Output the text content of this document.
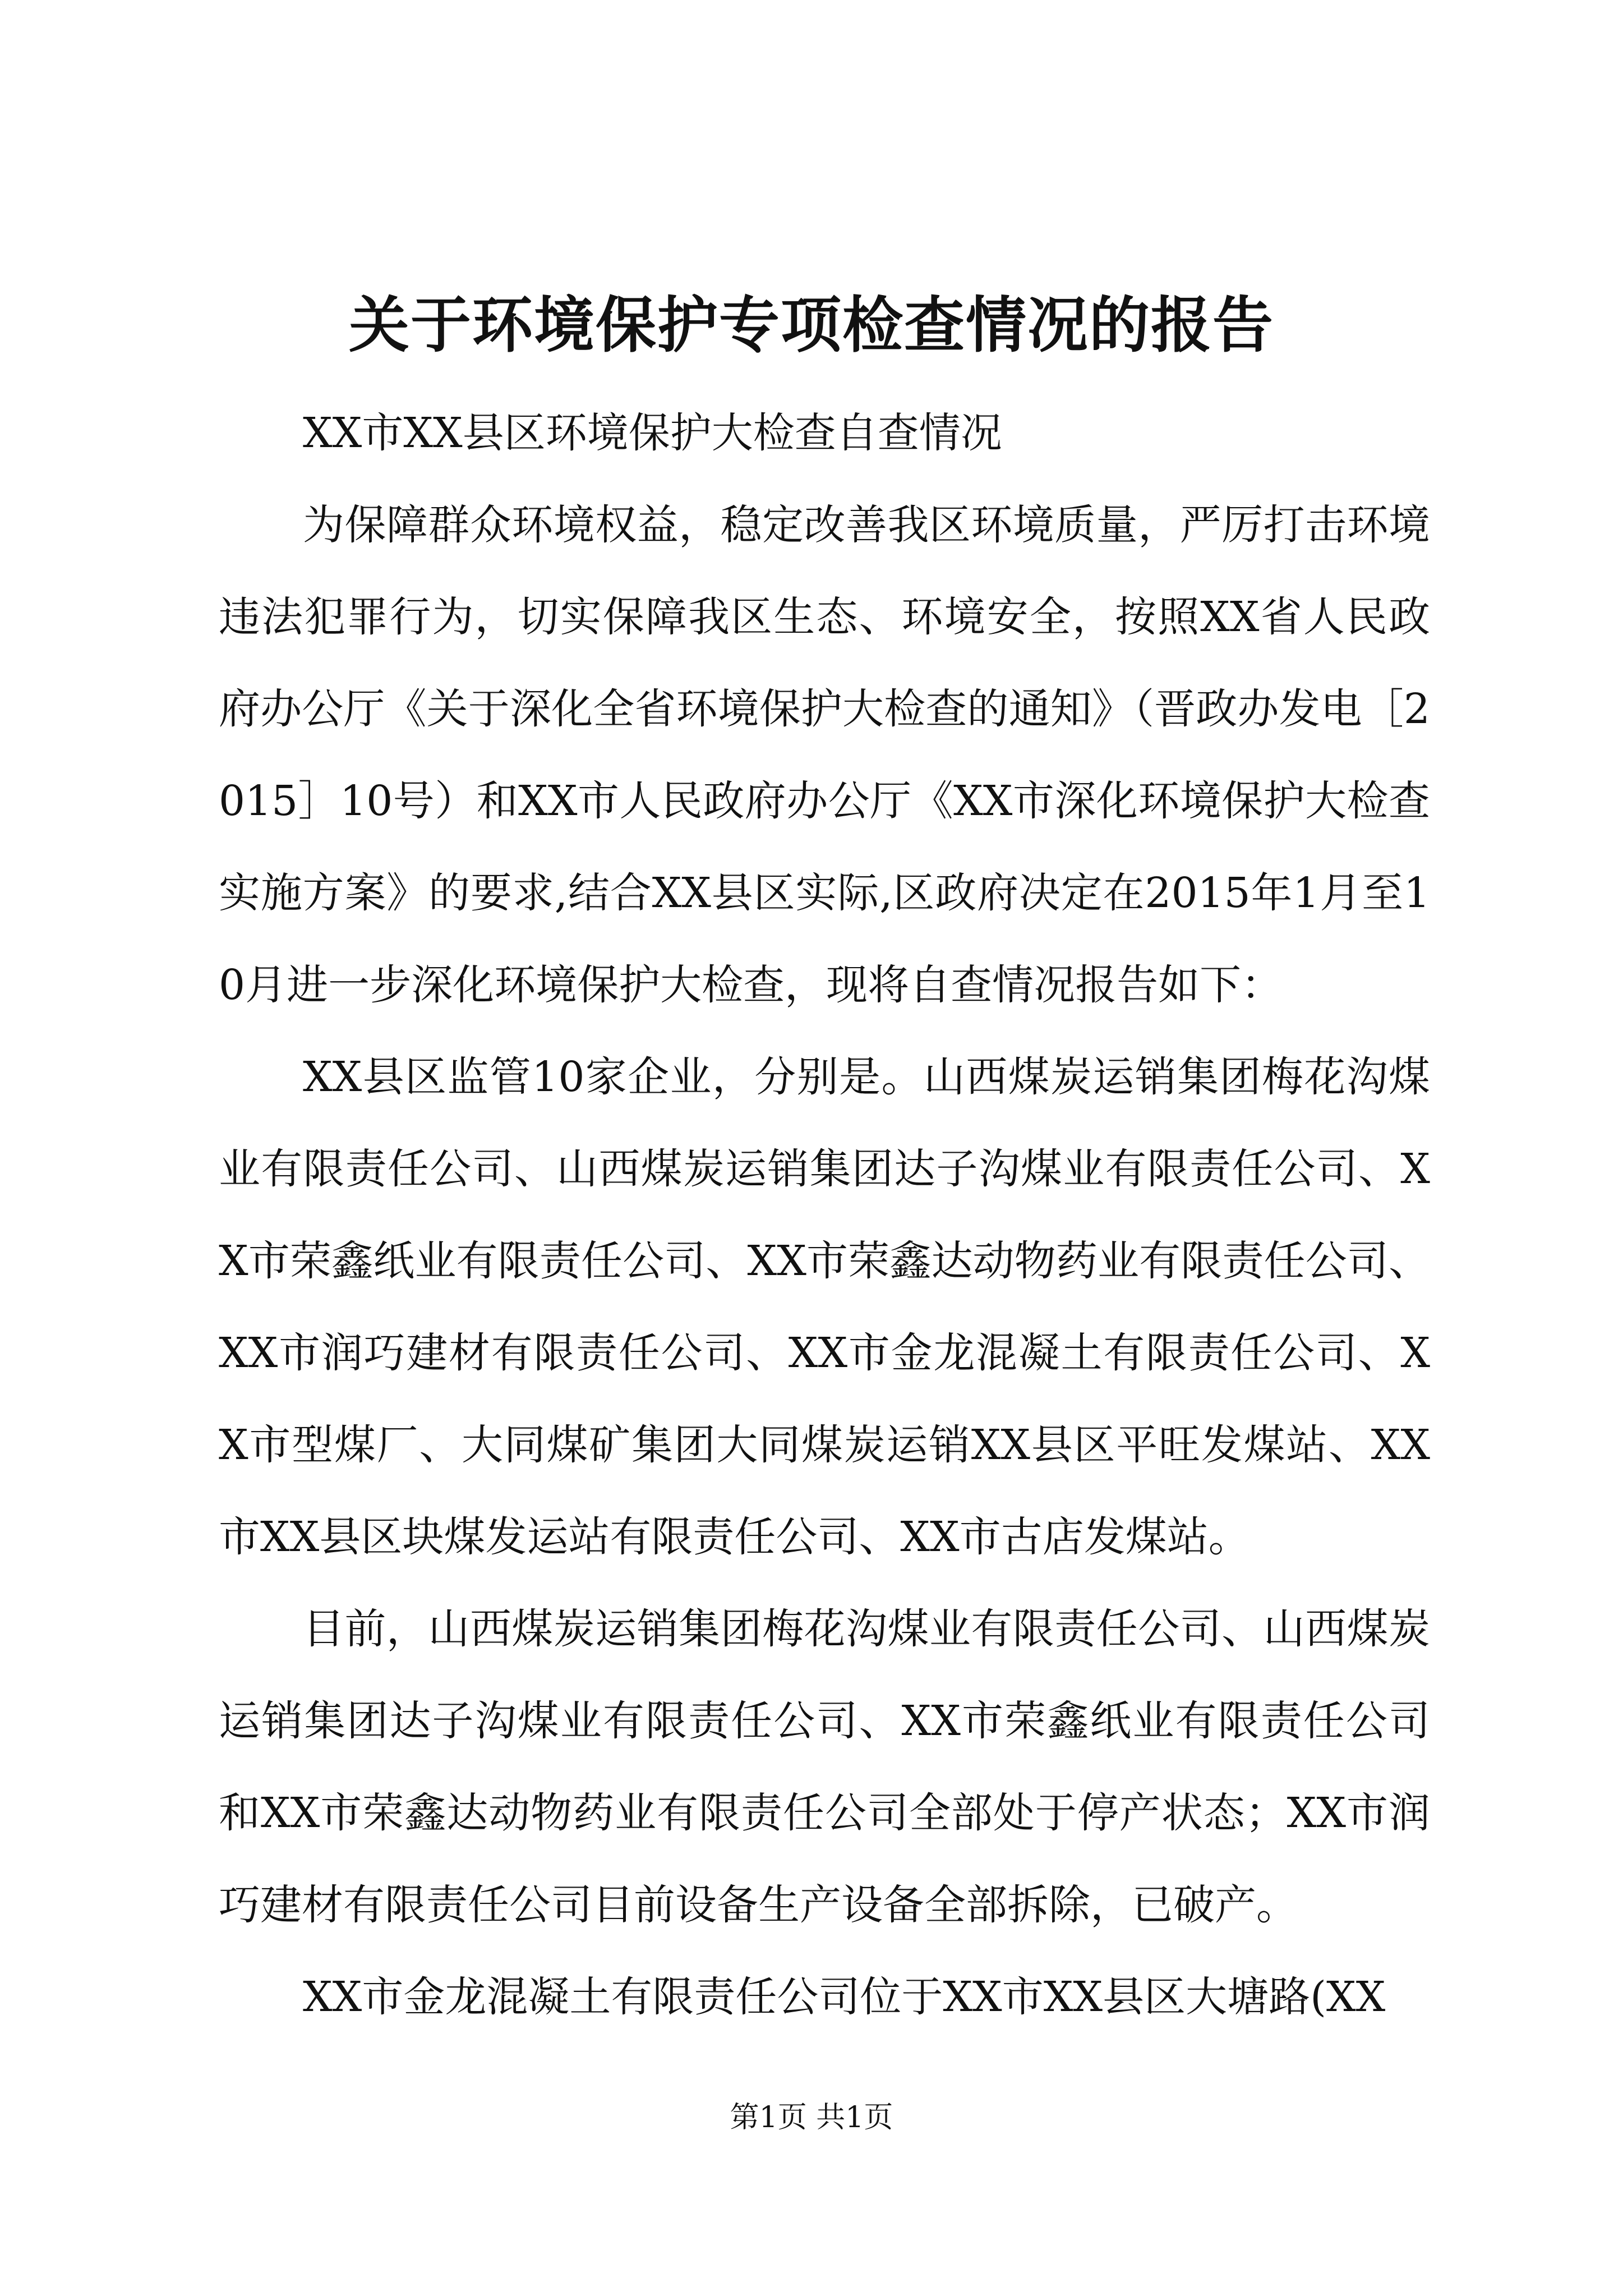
关于环境保护专项检查情况的报告

XX市XX县区环境保护大检查自查情况

为保障群众环境权益，稳定改善我区环境质量，严厉打击环境违法犯罪行为，切实保障我区生态、环境安全，按照XX省人民政府办公厅《关于深化全省环境保护大检查的通知》（晋政办发电［2015］10号）和XX市人民政府办公厅《XX市深化环境保护大检查实施方案》的要求,结合XX县区实际,区政府决定在2015年1月至10月进一步深化环境保护大检查，现将自查情况报告如下：

XX县区监管10家企业，分别是。山西煤炭运销集团梅花沟煤业有限责任公司、山西煤炭运销集团达子沟煤业有限责任公司、XX市荣鑫纸业有限责任公司、XX市荣鑫达动物药业有限责任公司、XX市润巧建材有限责任公司、XX市金龙混凝土有限责任公司、XX市型煤厂、大同煤矿集团大同煤炭运销XX县区平旺发煤站、XX市XX县区块煤发运站有限责任公司、XX市古店发煤站。

目前，山西煤炭运销集团梅花沟煤业有限责任公司、山西煤炭运销集团达子沟煤业有限责任公司、XX市荣鑫纸业有限责任公司和XX市荣鑫达动物药业有限责任公司全部处于停产状态；XX市润巧建材有限责任公司目前设备生产设备全部拆除，已破产。

XX市金龙混凝土有限责任公司位于XX市XX县区大塘路(XX

第1页 共1页
